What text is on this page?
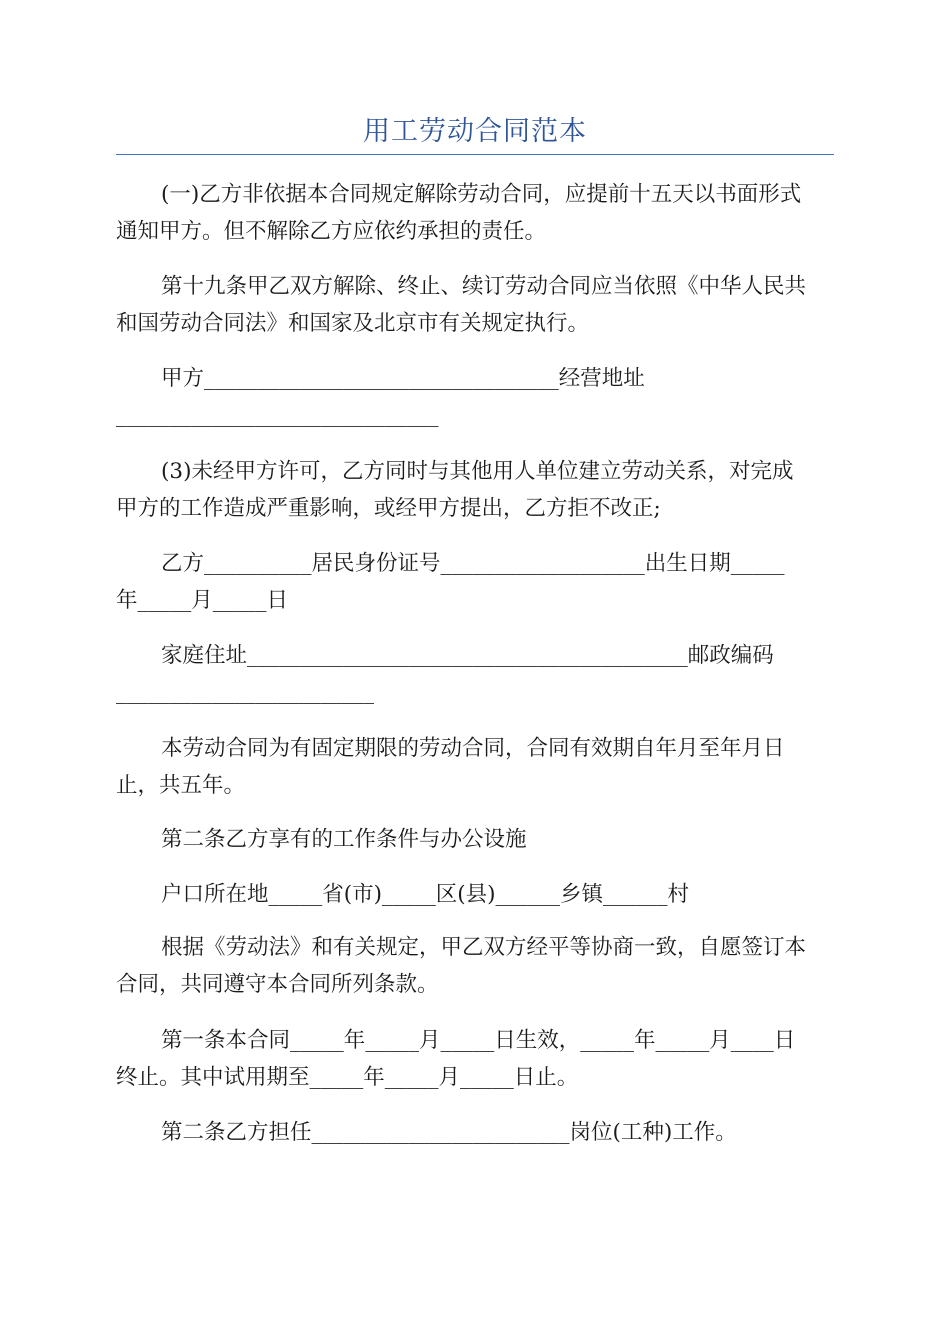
用工劳动合同范本
(一)乙方非依据本合同规定解除劳动合同，应提前十五天以书面形式
通知甲方。但不解除乙方应依约承担的责任。
第十九条甲乙双方解除、终止、续订劳动合同应当依照《中华人民共
和国劳动合同法》和国家及北京市有关规定执行。
甲方_________________________________经营地址
______________________________
(3)未经甲方许可，乙方同时与其他用人单位建立劳动关系，对完成
甲方的工作造成严重影响，或经甲方提出，乙方拒不改正;
乙方__________居民身份证号___________________出生日期_____
年_____月_____日
家庭住址_________________________________________邮政编码
________________________
本劳动合同为有固定期限的劳动合同，合同有效期自年月至年月日
止，共五年。
第二条乙方享有的工作条件与办公设施
户口所在地_____省(市)_____区(县)______乡镇______村
根据《劳动法》和有关规定，甲乙双方经平等协商一致，自愿签订本
合同，共同遵守本合同所列条款。
第一条本合同_____年_____月_____日生效，_____年_____月____日
终止。其中试用期至_____年_____月_____日止。
第二条乙方担任________________________岗位(工种)工作。
